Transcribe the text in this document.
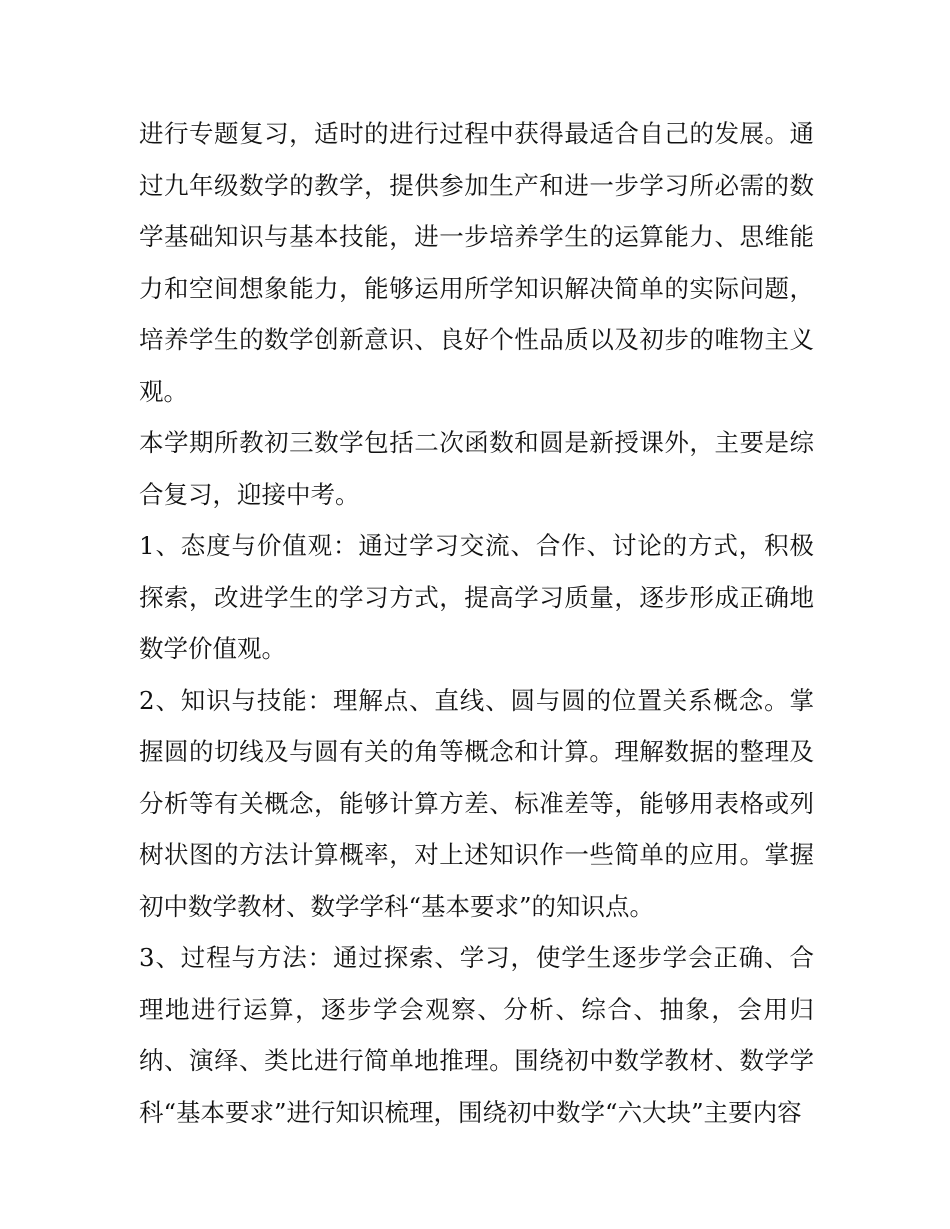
进行专题复习，适时的进行过程中获得最适合自己的发展。通过九年级数学的教学，提供参加生产和进一步学习所必需的数学基础知识与基本技能，进一步培养学生的运算能力、思维能力和空间想象能力，能够运用所学知识解决简单的实际问题，培养学生的数学创新意识、良好个性品质以及初步的唯物主义观。

本学期所教初三数学包括二次函数和圆是新授课外，主要是综合复习，迎接中考。

1、态度与价值观：通过学习交流、合作、讨论的方式，积极探索，改进学生的学习方式，提高学习质量，逐步形成正确地数学价值观。

2、知识与技能：理解点、直线、圆与圆的位置关系概念。掌握圆的切线及与圆有关的角等概念和计算。理解数据的整理及分析等有关概念，能够计算方差、标准差等，能够用表格或列树状图的方法计算概率，对上述知识作一些简单的应用。掌握初中数学教材、数学学科“基本要求”的知识点。

3、过程与方法：通过探索、学习，使学生逐步学会正确、合理地进行运算，逐步学会观察、分析、综合、抽象，会用归纳、演绎、类比进行简单地推理。围绕初中数学教材、数学学科“基本要求”进行知识梳理，围绕初中数学“六大块”主要内容
